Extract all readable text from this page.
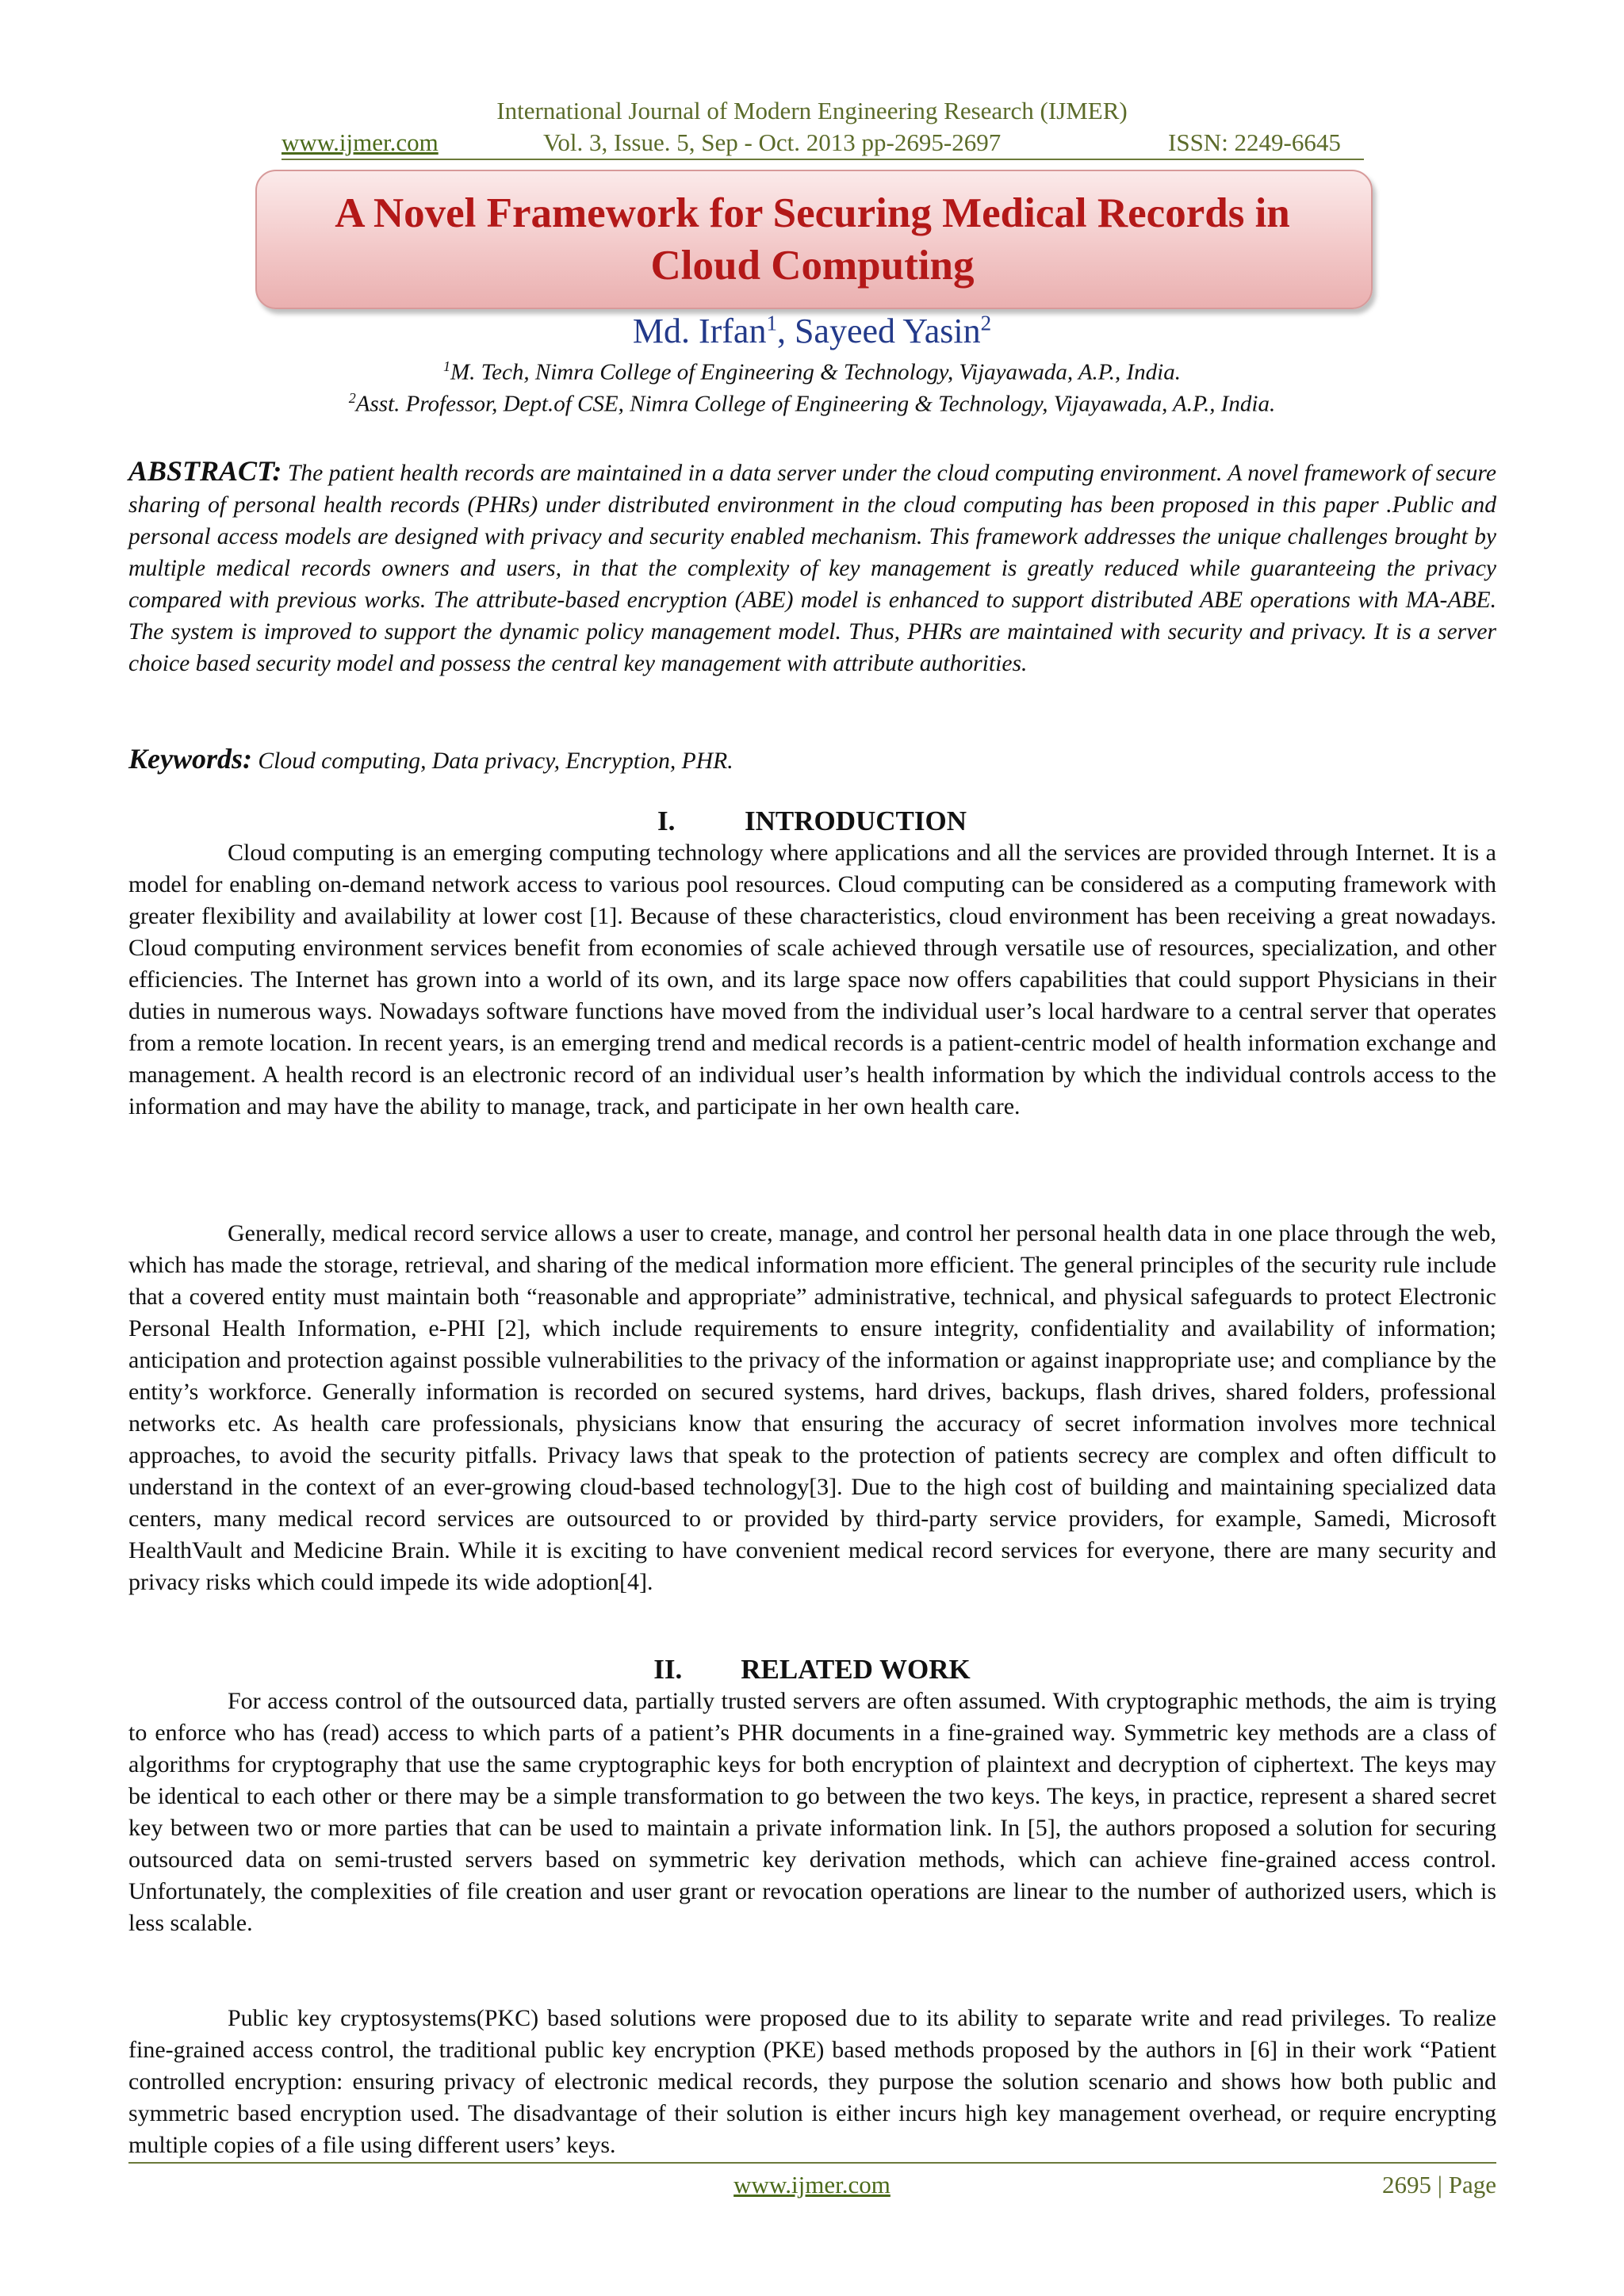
International Journal of Modern Engineering Research (IJMER)
www.ijmer.com	Vol. 3, Issue. 5, Sep - Oct. 2013 pp-2695-2697	ISSN: 2249-6645
A Novel Framework for Securing Medical Records in
Cloud Computing
Md. Irfan$^1$, Sayeed Yasin$^2$
$^1$M. Tech, Nimra College of Engineering & Technology, Vijayawada, A.P., India.
$^2$Asst. Professor, Dept.of CSE, Nimra College of Engineering & Technology, Vijayawada, A.P., India.
ABSTRACT: The patient health records are maintained in a data server under the cloud computing environment. A novel framework of secure sharing of personal health records (PHRs) under distributed environment in the cloud computing has been proposed in this paper .Public and personal access models are designed with privacy and security enabled mechanism. This framework addresses the unique challenges brought by multiple medical records owners and users, in that the complexity of key management is greatly reduced while guaranteeing the privacy compared with previous works. The attribute-based encryption (ABE) model is enhanced to support distributed ABE operations with MA-ABE. The system is improved to support the dynamic policy management model. Thus, PHRs are maintained with security and privacy. It is a server choice based security model and possess the central key management with attribute authorities.
Keywords: Cloud computing, Data privacy, Encryption, PHR.
I.	INTRODUCTION
Cloud computing is an emerging computing technology where applications and all the services are provided through Internet. It is a model for enabling on-demand network access to various pool resources. Cloud computing can be considered as a computing framework with greater flexibility and availability at lower cost [1]. Because of these characteristics, cloud environment has been receiving a great nowadays. Cloud computing environment services benefit from economies of scale achieved through versatile use of resources, specialization, and other efficiencies. The Internet has grown into a world of its own, and its large space now offers capabilities that could support Physicians in their duties in numerous ways. Nowadays software functions have moved from the individual user’s local hardware to a central server that operates from a remote location. In recent years, is an emerging trend and medical records is a patient-centric model of health information exchange and management. A health record is an electronic record of an individual user’s health information by which the individual controls access to the information and may have the ability to manage, track, and participate in her own health care.
Generally, medical record service allows a user to create, manage, and control her personal health data in one place through the web, which has made the storage, retrieval, and sharing of the medical information more efficient. The general principles of the security rule include that a covered entity must maintain both “reasonable and appropriate” administrative, technical, and physical safeguards to protect Electronic Personal Health Information, e-PHI [2], which include requirements to ensure integrity, confidentiality and availability of information; anticipation and protection against possible vulnerabilities to the privacy of the information or against inappropriate use; and compliance by the entity’s workforce. Generally information is recorded on secured systems, hard drives, backups, flash drives, shared folders, professional networks etc. As health care professionals, physicians know that ensuring the accuracy of secret information involves more technical approaches, to avoid the security pitfalls. Privacy laws that speak to the protection of patients secrecy are complex and often difficult to understand in the context of an ever-growing cloud-based technology[3]. Due to the high cost of building and maintaining specialized data centers, many medical record services are outsourced to or provided by third-party service providers, for example, Samedi, Microsoft HealthVault and Medicine Brain. While it is exciting to have convenient medical record services for everyone, there are many security and privacy risks which could impede its wide adoption[4].
II. RELATED WORK
For access control of the outsourced data, partially trusted servers are often assumed. With cryptographic methods, the aim is trying to enforce who has (read) access to which parts of a patient’s PHR documents in a fine-grained way. Symmetric key methods are a class of algorithms for cryptography that use the same cryptographic keys for both encryption of plaintext and decryption of ciphertext. The keys may be identical to each other or there may be a simple transformation to go between the two keys. The keys, in practice, represent a shared secret key between two or more parties that can be used to maintain a private information link. In [5], the authors proposed a solution for securing outsourced data on semi-trusted servers based on symmetric key derivation methods, which can achieve fine-grained access control. Unfortunately, the complexities of file creation and user grant or revocation operations are linear to the number of authorized users, which is less scalable.
Public key cryptosystems(PKC) based solutions were proposed due to its ability to separate write and read privileges. To realize fine-grained access control, the traditional public key encryption (PKE) based methods proposed by the authors in [6] in their work “Patient controlled encryption: ensuring privacy of electronic medical records, they purpose the solution scenario and shows how both public and symmetric based encryption used. The disadvantage of their solution is either incurs high key management overhead, or require encrypting multiple copies of a file using different users’ keys.
www.ijmer.com	2695 | Page
